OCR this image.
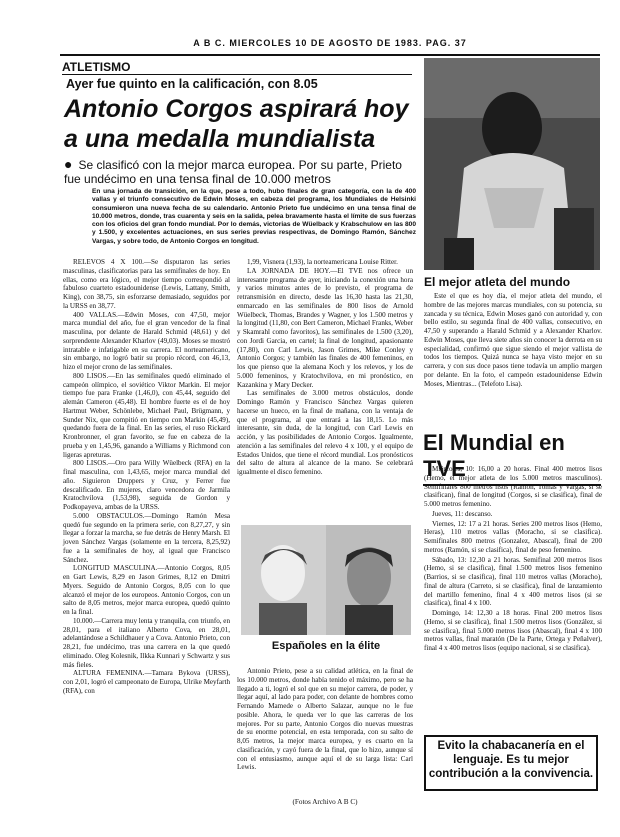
A B C. MIERCOLES 10 DE AGOSTO DE 1983. PAG. 37
ATLETISMO
Ayer fue quinto en la calificación, con 8.05
Antonio Corgos aspirará hoy a una medalla mundialista
● Se clasificó con la mejor marca europea. Por su parte, Prieto fue undécimo en una tensa final de 10.000 metros
En una jornada de transición, en la que, pese a todo, hubo finales de gran categoría, con la de 400 vallas y el triunfo consecutivo de Edwin Moses, en cabeza del programa, los Mundiales de Helsinki consumieron una nueva fecha de su calendario. Antonio Prieto fue undécimo en una tensa final de 10.000 metros, donde, tras cuarenta y seis en la salida, pelea bravamente hasta el límite de sus fuerzas con los oficios del gran fondo mundial. Por lo demás, victorias de Wüelback y Krabschulow en las 800 y 1.500, y excelentes actuaciones, en sus series previas respectivas, de Domingo Ramón, Sánchez Vargas, y sobre todo, de Antonio Corgos en longitud.

RELEVOS 4 X 100.—Se disputaron las series masculinas, clasificatorias para las semifinales de hoy. En ellas, como era lógico, el mejor tiempo correspondió al fabuloso cuarteto estadounidense (Lewis, Lattany, Smith, King), con 38,75, sin esforzarse demasiado, seguidos por la URSS en 38,77.

400 VALLAS.—Edwin Moses, con 47,50, mejor marca mundial del año, fue el gran vencedor de la final masculina, por delante de Harald Schmid (48,61) y del sorprendente Alexander Kharlov (49,03). Moses se mostró intratable e infatigable en su carrera. El norteamericano, sin embargo, no logró batir su propio récord, con 46,13, hizo el mejor crono de las semifinales.

800 LISOS.—En las semifinales quedó eliminado el campeón olímpico, el soviético Viktor Markin. El mejor tiempo fue para Franke (1,46,0), con 45,44, seguido del alemán Cameron (45,48). El hombre fuerte es el de hoy Hartmut Weber, Schönlebe, Michael Paul, Brügmann, y Sunder Nix, que compitió en tiempo con Markin (45,49), quedando fuera de la final. En las series, el ruso Rickard Kronbronner, el gran favorito, se fue en cabeza de la prueba y en 1,45,96, ganando a Williams y Richmond con ligeras apreturas.

800 LISOS.—Oro para Willy Wüelbeck (RFA) en la final masculina, con 1,43,65, mejor marca mundial del año. Siguieron Druppers y Cruz, y Ferrer fue descalificado. En mujeres, claro vencedora de Jarmila Kratochvilova (1,53,98), seguida de Gordon y Podkopayeva, ambas de la URSS.

5.000 OBSTACULOS.—Domingo Ramón Mesa quedó fue segundo en la primera serie, con 8,27,27, y sin llegar a forzar la marcha, se fue detrás de Henry Marsh. El joven Sánchez Vargas (solamente en la tercera, 8,25,92) fue a la semifinales de hoy, al igual que Francisco Sánchez.

LONGITUD MASCULINA.—Antonio Corgos, 8,05 en Gart Lewis, 8,29 en Jason Grimes, 8,12 en Dmitri Myers. Seguido de Antonio Corgos, 8,05 con lo que alcanzó el mejor de los europeos. Antonio Corgos, con un salto de 8,05 metros, mejor marca europea, quedó quinto en la final.

10.000.—Carrera muy lenta y tranquila, con triunfo, en 28,01, para el italiano Alberto Cova, en 28,01, adelantándose a Schildhauer y a Cova. Antonio Prieto, con 28,21, fue undécimo, tras una carrera en la que quedó eliminado. Oleg Kolesnik, Ilkka Kunnari y Schwartz y sus más fieles.

ALTURA FEMENINA.—Tamara Bykova (URSS), con 2,01, logró el campeonato de Europa, Ulrike Meyfarth (RFA), con

1,99, Visnera (1,93), la norteamericana Louise Ritter.

LA JORNADA DE HOY.—El TVE nos ofrece un interesante programa de ayer, iniciando la conexión una hora y varios minutos antes de lo previsto, el programa de retransmisión en directo, desde las 16,30 hasta las 21,30, enmarcado en las semifinales de 800 lisos de Arnold Wüelbeck, Thomas, Brandes y Wagner, y los 1.500 metros y la longitud (11,80, con Bert Cameron, Michael Franks, Weber y Skamrahl como favoritos), las semifinales de 1.500 (3,20), con Jordi Garcia, en cartel; la final de longitud, apasionante (17,80), con Carl Lewis, Jason Grimes, Mike Conley y Antonio Corgos; y también las finales de 400 femeninos, en los que pienso que la alemana Koch y los relevos, y los de 5.000 femeninos, y Kratochvilova, en mi pronóstico, en Kazankina y Mary Decker.

Las semifinales de 3.000 metros obstáculos, donde Domingo Ramón y Francisco Sánchez Vargas quieren hacerse un hueco, en la final de mañana, con la ventaja de que el programa, al que entrará a las 18,15. Lo más interesante, sin duda, de la longitud, con Carl Lewis en acción, y las posibilidades de Antonio Corgos. Igualmente, atención a las semifinales del relevo 4 x 100, y el equipo de Estados Unidos, que tiene el récord mundial. Los pronósticos del salto de altura al alcance de la mano. Se celebrará igualmente el disco femenino.

Españoles en la élite

Antonio Prieto, pese a su calidad atlética, en la final de los 10.000 metros, donde había tenido el máximo, pero se ha llegado a ti, logró el sol que en su mejor carrera, de poder, y llegar aquí, al lado para poder, con delante de hombres como Fernando Mamede o Alberto Salazar, aunque no le fue posible. Ahora, le queda ver lo que las carreras de los mejores. Por su parte, Antonio Corgos dio nuevas muestras de su enorme potencial, en esta temporada, con su salto de 8,05 metros, la mejor marca europea, y es cuarto en la clasificación, y cayó fuera de la final, que lo hizo, aunque sí con el entusiasmo, aunque aquí el de su larga lista: Carl Lewis.

(Fotos Archivo A B C)
El mejor atleta del mundo

Este el que es hoy día, el mejor atleta del mundo, el hombre de las mejores marcas mundiales, con su potencia, su zancada y su técnica, Edwin Moses ganó con autoridad y, con bello estilo, su segunda final de 400 vallas, consecutivo, en 47,50 y superando a Harald Schmid y a Alexander Kharlov. Edwin Moses, que lleva siete años sin conocer la derrota en su especialidad, confirmó que sigue siendo el mejor vallista de todos los tiempos. Quizá nunca se haya visto mejor en su carrera, y con sus doce pasos tiene todavía un amplio margen por delante. En la foto, el campeón estadounidense Edwin Moses, Mientras... (Telefoto Lisa).

El Mundial en TVE

Miércoles, 10: 16,00 a 20 horas. Final 400 metros lisos (Hemo, el mejor atleta de los 5.000 metros masculinos). Semifinales 800 metros lisos (Ramón, Tomás y Vargas, si se clasifican), final de longitud (Corgos, si se clasifica), final de 5.000 metros femenino.

Jueves, 11: descanso.

Viernes, 12: 17 a 21 horas. Series 200 metros lisos (Hemo, Heras), 110 metros vallas (Moracho, si se clasifica). Semifinales 800 metros (Gonzalez, Abascal), final de 200 metros (Ramón, si se clasifica), final de peso femenino.

Sábado, 13: 12,30 a 21 horas. Semifinal 200 metros lisos (Hemo, si se clasifica), final 1.500 metros lisos femenino (Barrios, si se clasifica), final 110 metros vallas (Moracho), final de altura (Carreto, si se clasifica), final de lanzamiento del martillo femenino, final 4 x 400 metros lisos (si se clasifica), final 4 x 100.

Domingo, 14: 12,30 a 18 horas. Final 200 metros lisos (Hemo, si se clasifica), final 1.500 metros lisos (González, si se clasifica), final 5.000 metros lisos (Abascal), final 4 x 100 metros vallas, final maratón (De la Parte, Ortega y Peñalver), final 4 x 400 metros lisos (equipo nacional, si se clasifica).

Evito la chabacanería en el lenguaje. Es tu mejor contribución a la convivencia.
